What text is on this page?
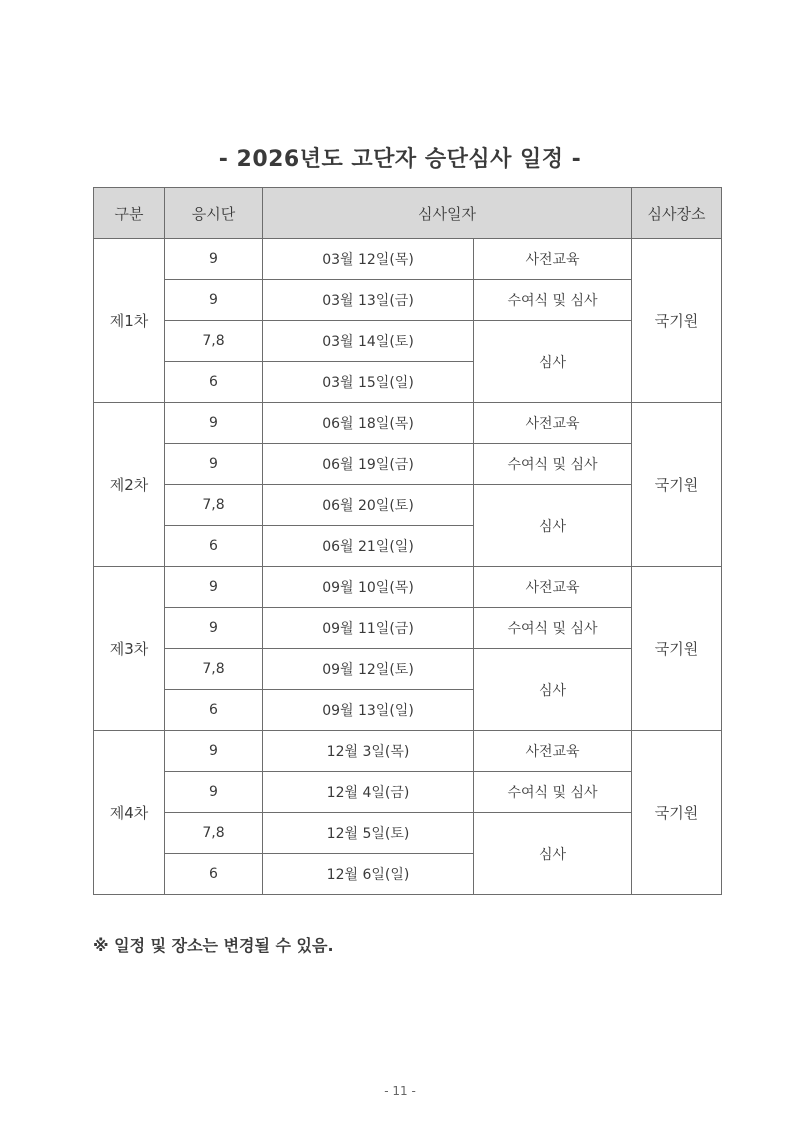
- 2026년도 고단자 승단심사 일정 -
구분	응시단	심사일자		심사장소
제1차	9	03월 12일(목)	사전교육	국기원
	9	03월 13일(금)	수여식 및 심사	
	7,8	03월 14일(토)	심사	
	6	03월 15일(일)		
제2차	9	06월 18일(목)	사전교육	국기원
	9	06월 19일(금)	수여식 및 심사	
	7,8	06월 20일(토)	심사	
	6	06월 21일(일)		
제3차	9	09월 10일(목)	사전교육	국기원
	9	09월 11일(금)	수여식 및 심사	
	7,8	09월 12일(토)	심사	
	6	09월 13일(일)		
제4차	9	12월 3일(목)	사전교육	국기원
	9	12월 4일(금)	수여식 및 심사	
	7,8	12월 5일(토)	심사	
	6	12월 6일(일)		
※ 일정 및 장소는 변경될 수 있음.
- 11 -
